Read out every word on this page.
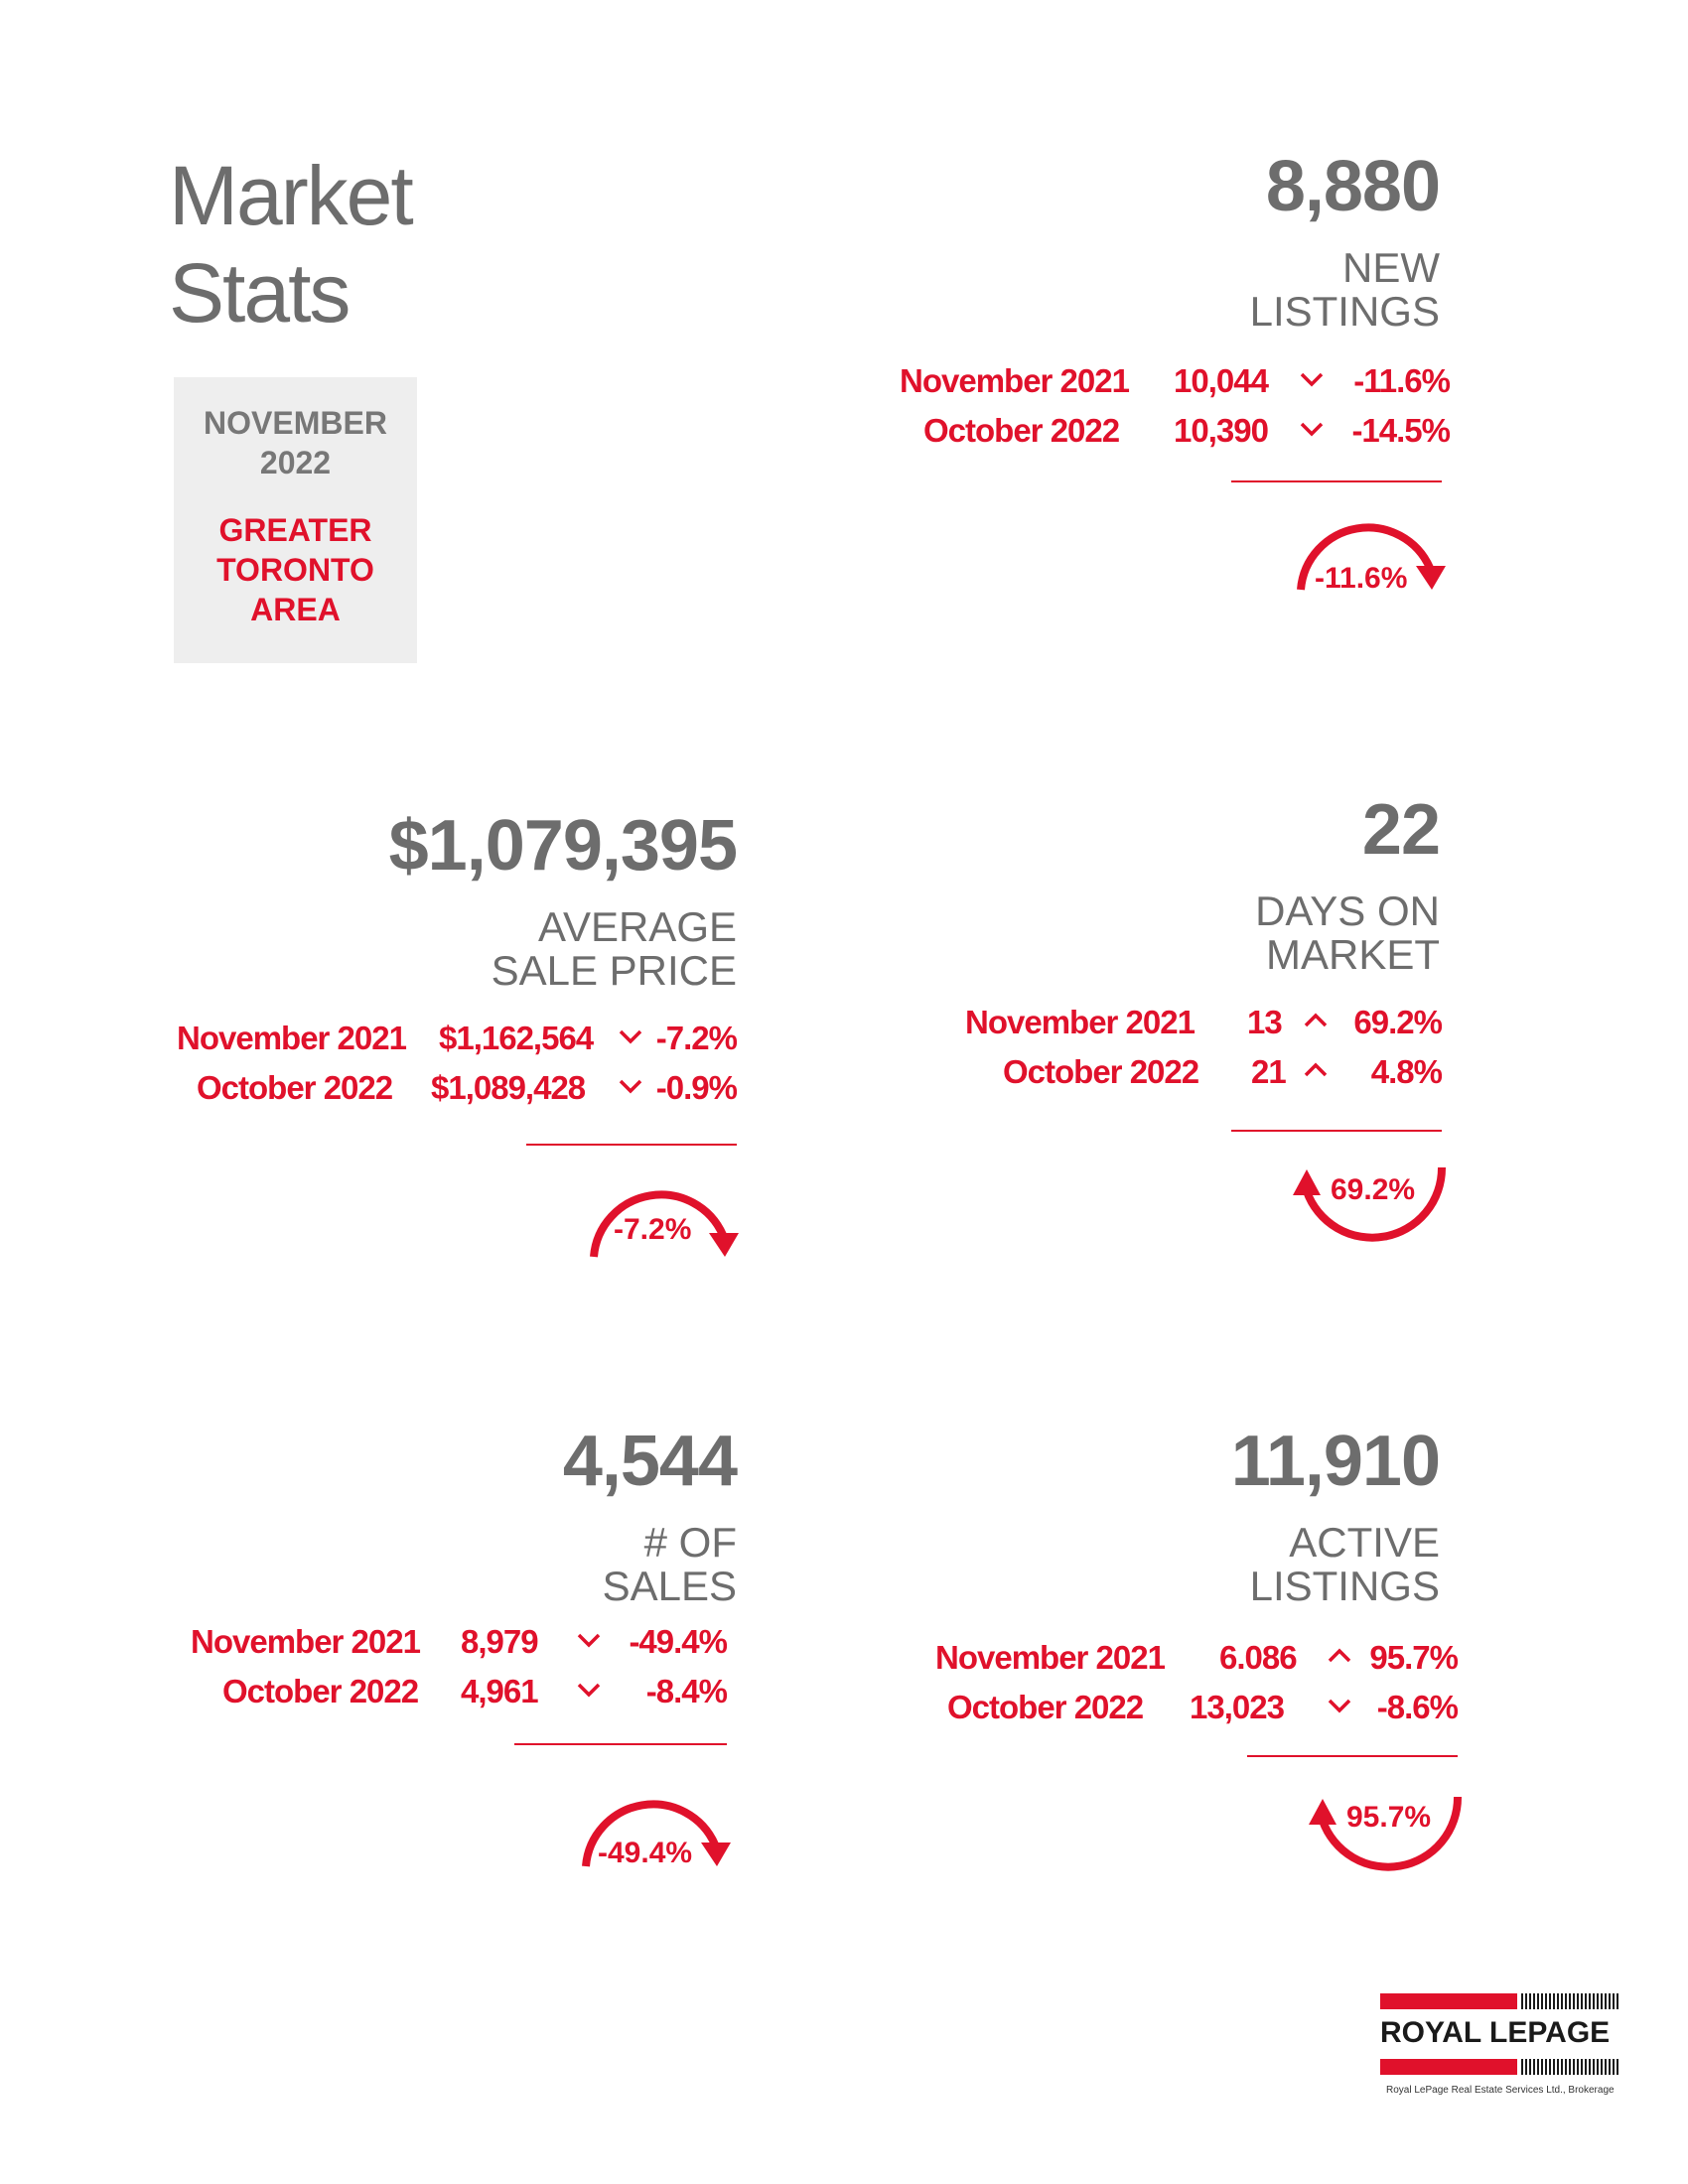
Market
Stats
NOVEMBER
2022
GREATER
TORONTO
AREA
8,880
NEW
LISTINGS
November 2021 10,044	-11.6%
October 2022 10,390	-14.5%
-11.6%
$1,079,395
AVERAGE
SALE PRICE
November 2021 $1,162,564 -7.2%
October 2022 $1,089,428 -0.9%
-7.2%
22
DAYS ON
MARKET
November 2021 13 69.2%
October 2022 21	4.8%
69.2%
4,544
# OF
SALES
November 2021 8,979	-49.4%
October 2022 4,961	-8.4%
-49.4%
11,910
ACTIVE
LISTINGS
November 2021 6.086 95.7%
October 2022 13,023	-8.6%
95.7%
ROYAL LEPAGE
Royal LePage Real Estate Services Ltd., Brokerage
